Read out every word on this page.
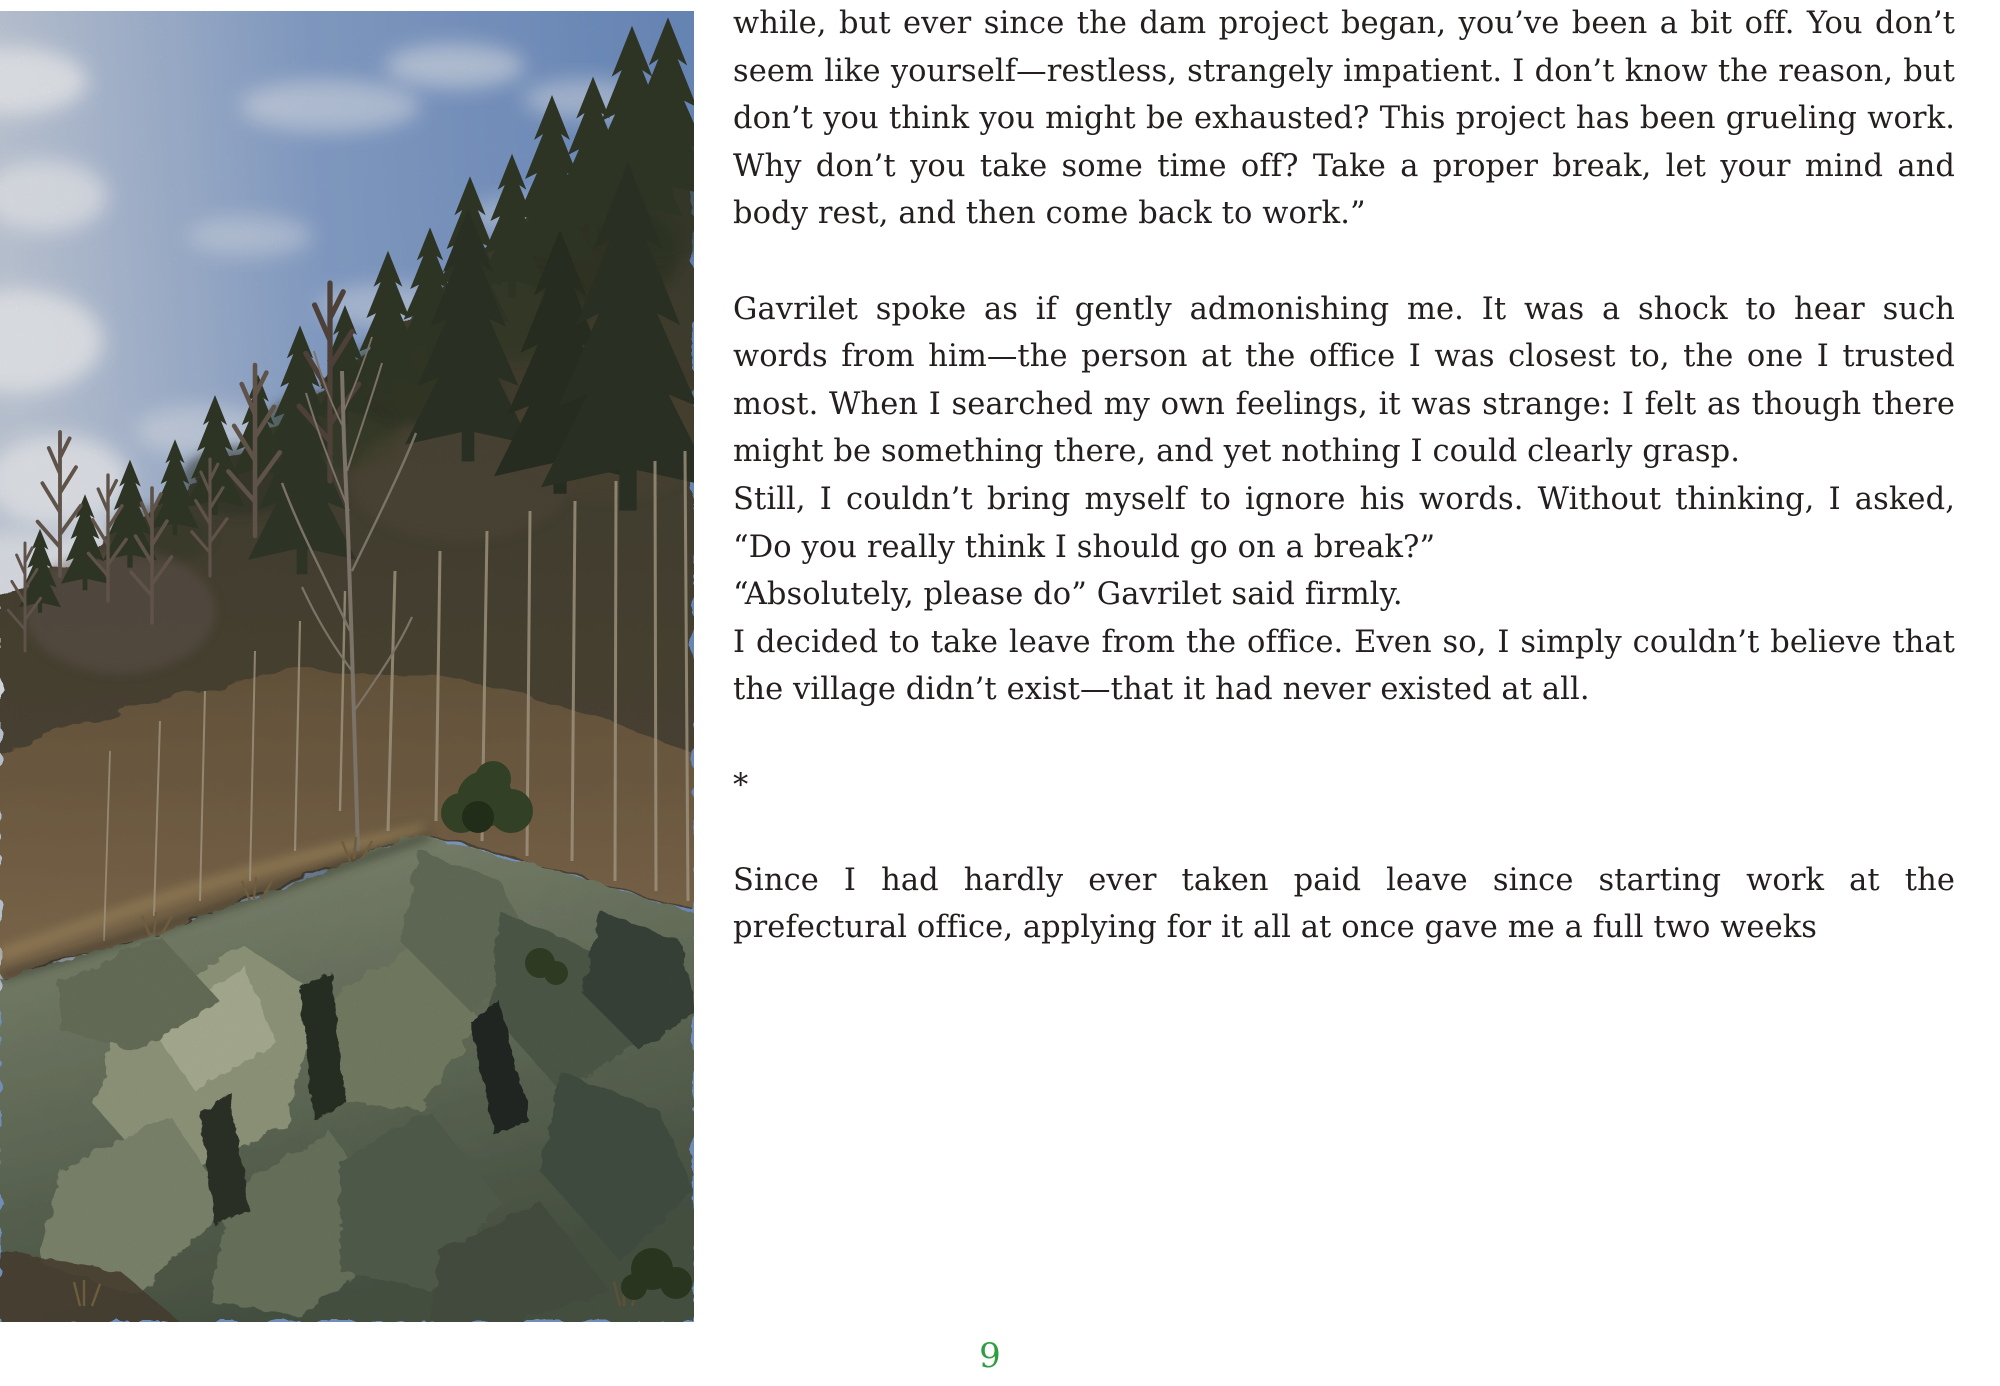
while, but ever since the dam project began, you’ve been a bit off. You don’t seem like yourself—restless, strangely impatient. I don’t know the reason, but don’t you think you might be exhausted? This project has been grueling work. Why don’t you take some time off? Take a proper break, let your mind and body rest, and then come back to work.”

Gavrilet spoke as if gently admonishing me. It was a shock to hear such words from him—the person at the office I was closest to, the one I trusted most. When I searched my own feelings, it was strange: I felt as though there might be something there, and yet nothing I could clearly grasp.

Still, I couldn’t bring myself to ignore his words. Without thinking, I asked, “Do you really think I should go on a break?”

“Absolutely, please do” Gavrilet said firmly.

I decided to take leave from the office. Even so, I simply couldn’t believe that the village didn’t exist—that it had never existed at all.

*

Since I had hardly ever taken paid leave since starting work at the prefectural office, applying for it all at once gave me a full two weeks

9
